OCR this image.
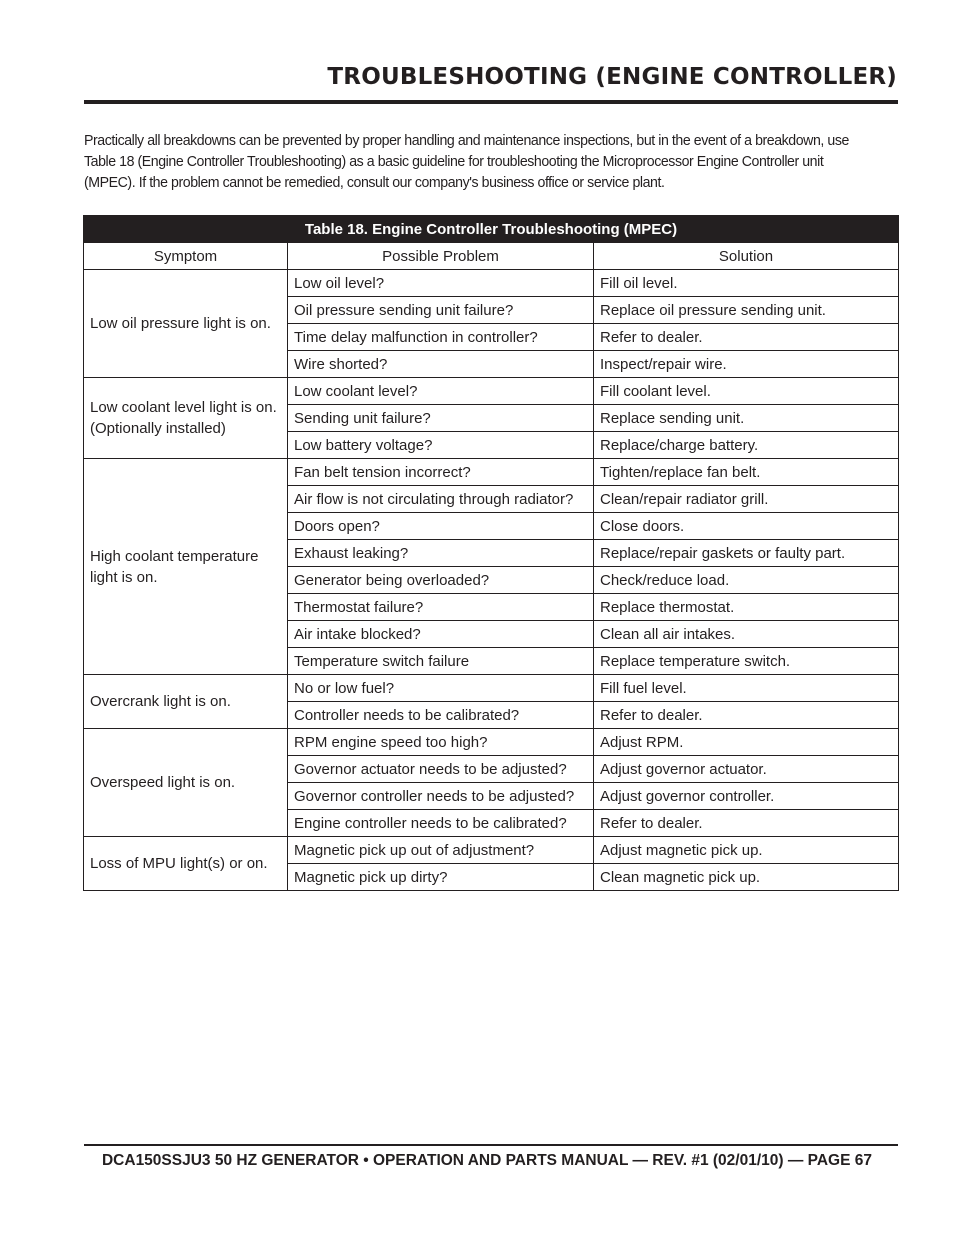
TROUBLESHOOTING (ENGINE CONTROLLER)

Practically all breakdowns can be prevented by proper handling and maintenance inspections, but in the event of a breakdown, use Table 18 (Engine Controller Troubleshooting) as a basic guideline for troubleshooting the Microprocessor Engine Controller unit (MPEC). If the problem cannot be remedied, consult our company's business office or service plant.

Table 18. Engine Controller Troubleshooting (MPEC)		
Symptom	Possible Problem	Solution
Low oil pressure light is on.	Low oil level?	Fill oil level.
	Oil pressure sending unit failure?	Replace oil pressure sending unit.
	Time delay malfunction in controller?	Refer to dealer.
	Wire shorted?	Inspect/repair wire.
Low coolant level light is on. (Optionally installed)	Low coolant level?	Fill coolant level.
	Sending unit failure?	Replace sending unit.
	Low battery voltage?	Replace/charge battery.
High coolant temperature light is on.	Fan belt tension incorrect?	Tighten/replace fan belt.
	Air flow is not circulating through radiator?	Clean/repair radiator grill.
	Doors open?	Close doors.
	Exhaust leaking?	Replace/repair gaskets or faulty part.
	Generator being overloaded?	Check/reduce load.
	Thermostat failure?	Replace thermostat.
	Air intake blocked?	Clean all air intakes.
	Temperature switch failure	Replace temperature switch.
Overcrank light is on.	No or low fuel?	Fill fuel level.
	Controller needs to be calibrated?	Refer to dealer.
Overspeed light is on.	RPM engine speed too high?	Adjust RPM.
	Governor actuator needs to be adjusted?	Adjust governor actuator.
	Governor controller needs to be adjusted?	Adjust governor controller.
	Engine controller needs to be calibrated?	Refer to dealer.
Loss of MPU light(s) or on.	Magnetic pick up out of adjustment?	Adjust magnetic pick up.
	Magnetic pick up dirty?	Clean magnetic pick up.

DCA150SSJU3 50 HZ GENERATOR • OPERATION AND PARTS MANUAL — REV. #1 (02/01/10) — PAGE 67
